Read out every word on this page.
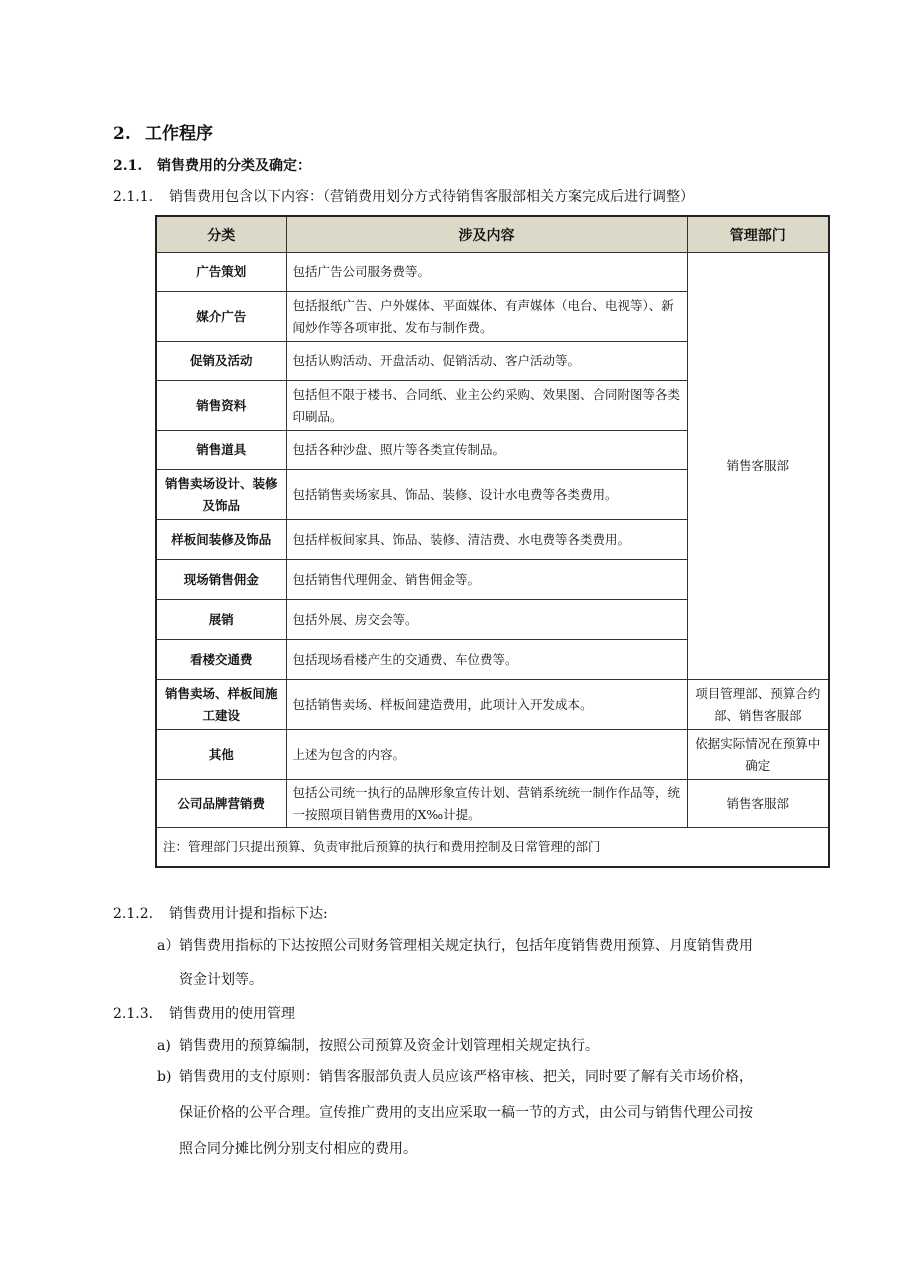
2. 工作程序
2.1. 销售费用的分类及确定：
2.1.1. 销售费用包含以下内容：（营销费用划分方式待销售客服部相关方案完成后进行调整）
分类	涉及内容	管理部门
广告策划	包括广告公司服务费等。	销售客服部
媒介广告	包括报纸广告、户外媒体、平面媒体、有声媒体（电台、电视等）、新闻炒作等各项审批、发布与制作费。	
促销及活动	包括认购活动、开盘活动、促销活动、客户活动等。	
销售资料	包括但不限于楼书、合同纸、业主公约采购、效果图、合同附图等各类印刷品。	
销售道具	包括各种沙盘、照片等各类宣传制品。	
销售卖场设计、装修及饰品	包括销售卖场家具、饰品、装修、设计水电费等各类费用。	
样板间装修及饰品	包括样板间家具、饰品、装修、清洁费、水电费等各类费用。	
现场销售佣金	包括销售代理佣金、销售佣金等。	
展销	包括外展、房交会等。	
看楼交通费	包括现场看楼产生的交通费、车位费等。	
销售卖场、样板间施工建设	包括销售卖场、样板间建造费用，此项计入开发成本。	项目管理部、预算合约部、销售客服部
其他	上述为包含的内容。	依据实际情况在预算中确定
公司品牌营销费	包括公司统一执行的品牌形象宣传计划、营销系统统一制作作品等，统一按照项目销售费用的X‰计提。	销售客服部
注：管理部门只提出预算、负责审批后预算的执行和费用控制及日常管理的部门		
2.1.2. 销售费用计提和指标下达:
a）销售费用指标的下达按照公司财务管理相关规定执行，包括年度销售费用预算、月度销售费用
资金计划等。
2.1.3. 销售费用的使用管理
a) 销售费用的预算编制，按照公司预算及资金计划管理相关规定执行。
b) 销售费用的支付原则：销售客服部负责人员应该严格审核、把关，同时要了解有关市场价格，
保证价格的公平合理。宣传推广费用的支出应采取一稿一节的方式，由公司与销售代理公司按
照合同分摊比例分别支付相应的费用。
